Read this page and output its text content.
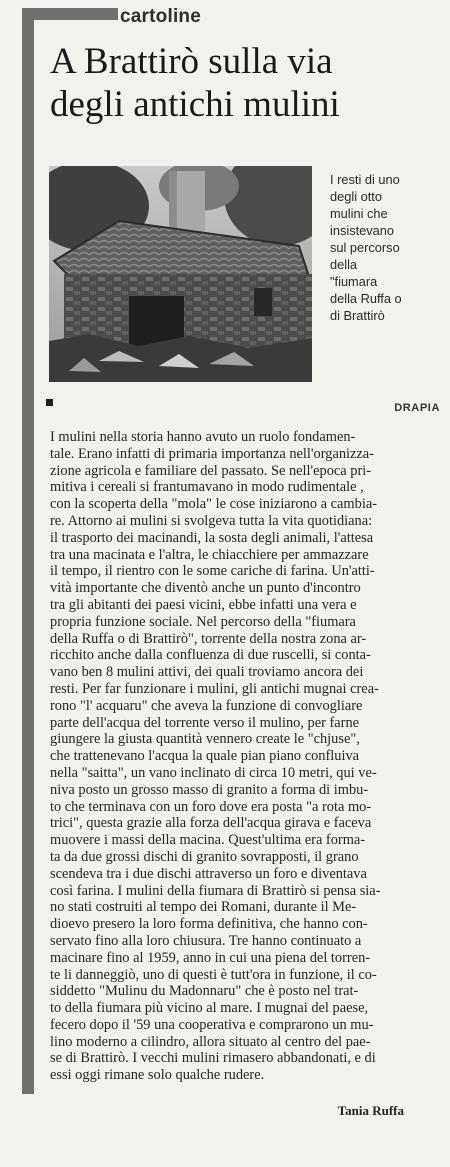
cartoline
A Brattirò sulla via
degli antichi mulini
I resti di uno
degli otto
mulini che
insistevano
sul percorso
della
"fiumara
della Ruffa o
di Brattirò
DRAPIA
I mulini nella storia hanno avuto un ruolo fondamen-
tale. Erano infatti di primaria importanza nell'organizza-
zione agricola e familiare del passato. Se nell'epoca pri-
mitiva i cereali si frantumavano in modo rudimentale ,
con la scoperta della "mola" le cose iniziarono a cambia-
re. Attorno ai mulini si svolgeva tutta la vita quotidiana:
il trasporto dei macinandi, la sosta degli animali, l'attesa
tra una macinata e l'altra, le chiacchiere per ammazzare
il tempo, il rientro con le some cariche di farina. Un'atti-
vità importante che diventò anche un punto d'incontro
tra gli abitanti dei paesi vicini, ebbe infatti una vera e
propria funzione sociale. Nel percorso della "fiumara
della Ruffa o di Brattirò", torrente della nostra zona ar-
ricchito anche dalla confluenza di due ruscelli, si conta-
vano ben 8 mulini attivi, dei quali troviamo ancora dei
resti. Per far funzionare i mulini, gli antichi mugnai crea-
rono "l' acquaru" che aveva la funzione di convogliare
parte dell'acqua del torrente verso il mulino, per farne
giungere la giusta quantità vennero create le "chjuse",
che trattenevano l'acqua la quale pian piano confluiva
nella "saitta", un vano inclinato di circa 10 metri, qui ve-
niva posto un grosso masso di granito a forma di imbu-
to che terminava con un foro dove era posta "a rota mo-
trici", questa grazie alla forza dell'acqua girava e faceva
muovere i massi della macina. Quest'ultima era forma-
ta da due grossi dischi di granito sovrapposti, il grano
scendeva tra i due dischi attraverso un foro e diventava
così farina. I mulini della fiumara di Brattirò si pensa sia-
no stati costruiti al tempo dei Romani, durante il Me-
dioevo presero la loro forma definitiva, che hanno con-
servato fino alla loro chiusura. Tre hanno continuato a
macinare fino al 1959, anno in cui una piena del torren-
te li danneggiò, uno di questi è tutt'ora in funzione, il co-
siddetto "Mulinu du Madonnaru" che è posto nel trat-
to della fiumara più vicino al mare. I mugnai del paese,
fecero dopo il '59 una cooperativa e comprarono un mu-
lino moderno a cilindro, allora situato al centro del pae-
se di Brattirò. I vecchi mulini rimasero abbandonati, e di
essi oggi rimane solo qualche rudere.
Tania Ruffa
